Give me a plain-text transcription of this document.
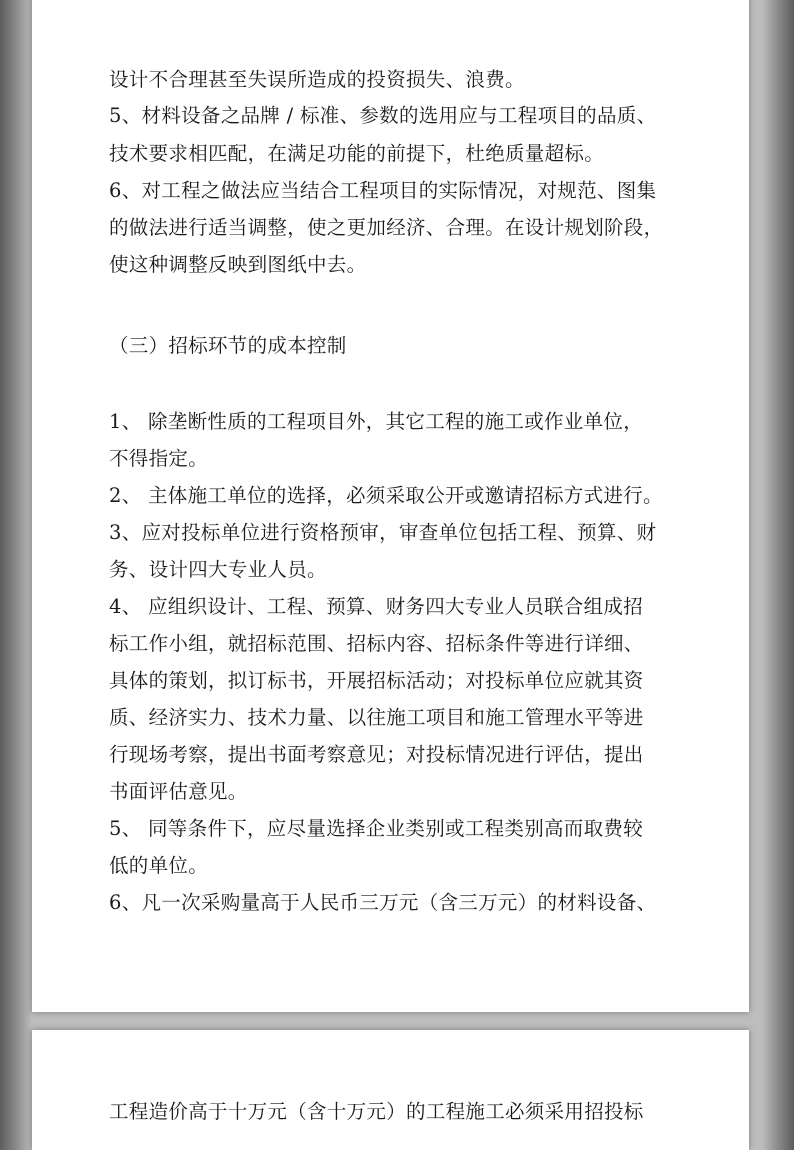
设计不合理甚至失误所造成的投资损失、浪费。
5、材料设备之品牌 / 标准、参数的选用应与工程项目的品质、
技术要求相匹配，在满足功能的前提下，杜绝质量超标。
6、对工程之做法应当结合工程项目的实际情况，对规范、图集
的做法进行适当调整，使之更加经济、合理。在设计规划阶段，
使这种调整反映到图纸中去。
（三）招标环节的成本控制
1、 除垄断性质的工程项目外，其它工程的施工或作业单位，
不得指定。
2、 主体施工单位的选择，必须采取公开或邀请招标方式进行。
3、应对投标单位进行资格预审，审查单位包括工程、预算、财
务、设计四大专业人员。
4、 应组织设计、工程、预算、财务四大专业人员联合组成招
标工作小组，就招标范围、招标内容、招标条件等进行详细、
具体的策划，拟订标书，开展招标活动；对投标单位应就其资
质、经济实力、技术力量、以往施工项目和施工管理水平等进
行现场考察，提出书面考察意见；对投标情况进行评估，提出
书面评估意见。
5、 同等条件下，应尽量选择企业类别或工程类别高而取费较
低的单位。
6、凡一次采购量高于人民币三万元（含三万元）的材料设备、
工程造价高于十万元（含十万元）的工程施工必须采用招投标
